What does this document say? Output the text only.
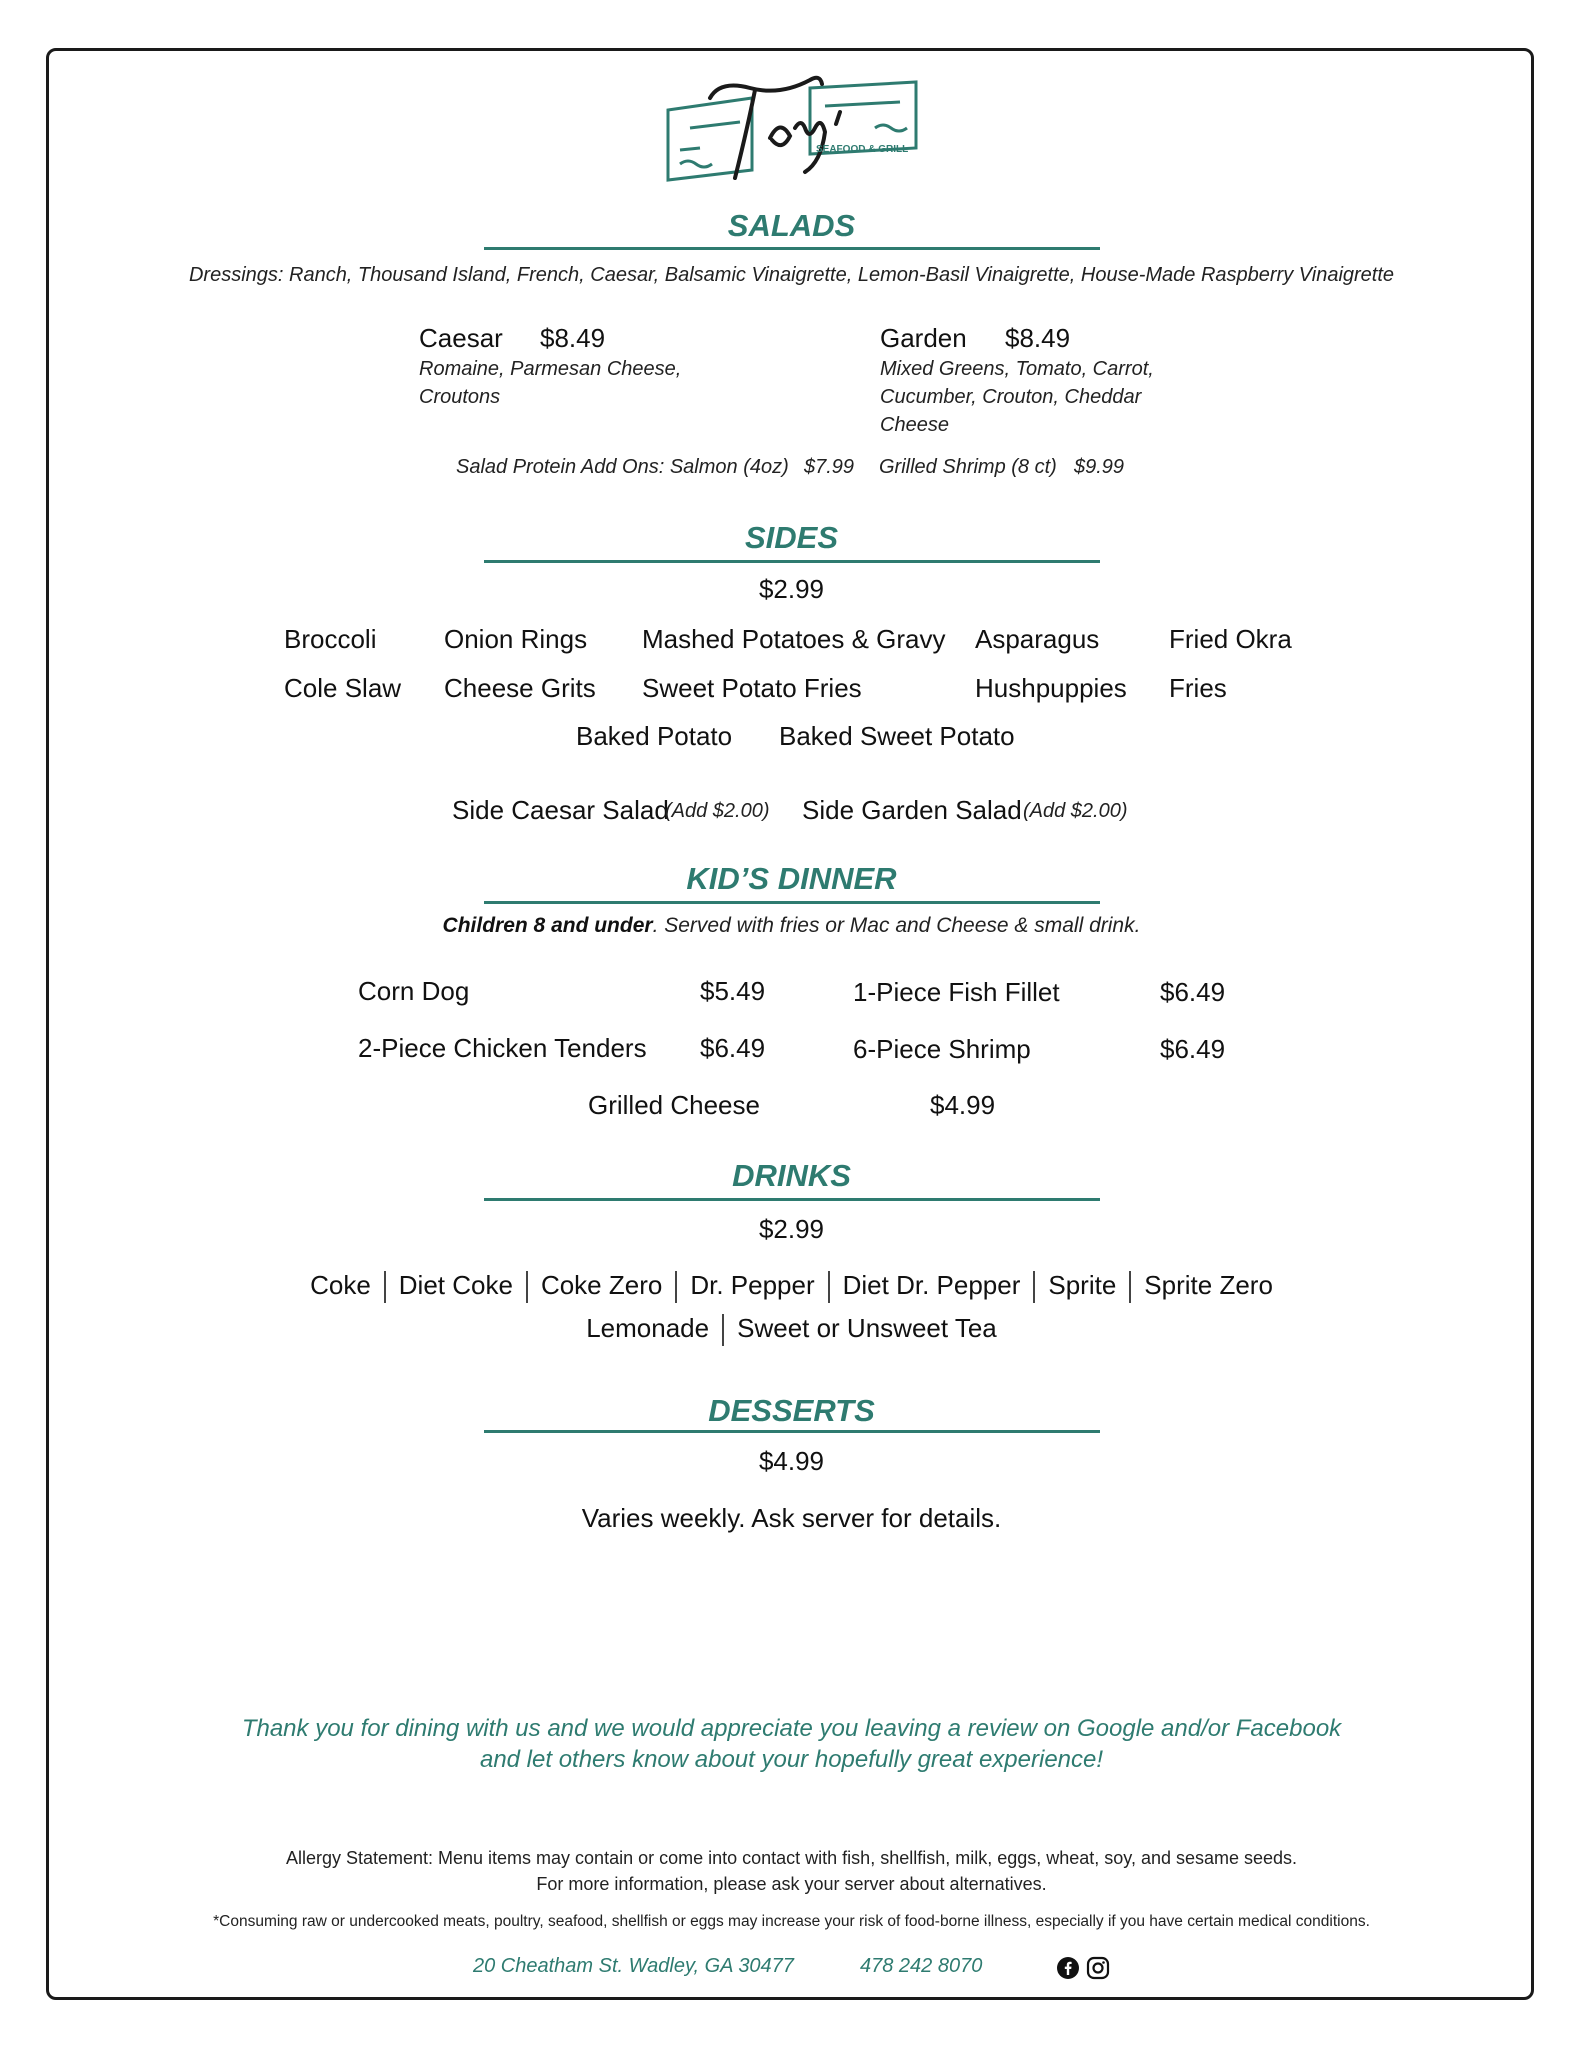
SEAFOOD & GRILL
SALADS
Dressings: Ranch, Thousand Island, French, Caesar, Balsamic Vinaigrette, Lemon-Basil Vinaigrette, House-Made Raspberry Vinaigrette
Caesar $8.49
Romaine, Parmesan Cheese, Croutons
Garden $8.49
Mixed Greens, Tomato, Carrot, Cucumber, Crouton, Cheddar Cheese
Salad Protein Add Ons: Salmon (4oz) $7.99 Grilled Shrimp (8 ct) $9.99
SIDES
$2.99
Broccoli	Onion Rings Mashed Potatoes & Gravy Asparagus	Fried Okra
Cole Slaw Cheese Grits Sweet Potato Fries	Hushpuppies Fries
Baked Potato Baked Sweet Potato
Side Caesar Salad
(Add $2.00) Side Garden Salad (Add $2.00)
KID’S DINNER
Children 8 and under. Served with fries or Mac and Cheese & small drink.
Corn Dog	$5.49	1-Piece Fish Fillet	$6.49
2-Piece Chicken Tenders $6.49	6-Piece Shrimp	$6.49
Grilled Cheese	$4.99
DRINKS
$2.99
Coke Diet Coke Coke Zero Dr. Pepper Diet Dr. Pepper Sprite Sprite Zero
Lemonade Sweet or Unsweet Tea
DESSERTS
$4.99
Varies weekly. Ask server for details.
Thank you for dining with us and we would appreciate you leaving a review on Google and/or Facebook
and let others know about your hopefully great experience!
Allergy Statement: Menu items may contain or come into contact with fish, shellfish, milk, eggs, wheat, soy, and sesame seeds.
For more information, please ask your server about alternatives.
*Consuming raw or undercooked meats, poultry, seafood, shellfish or eggs may increase your risk of food-borne illness, especially if you have certain medical conditions.
20 Cheatham St. Wadley, GA 30477	478 242 8070
